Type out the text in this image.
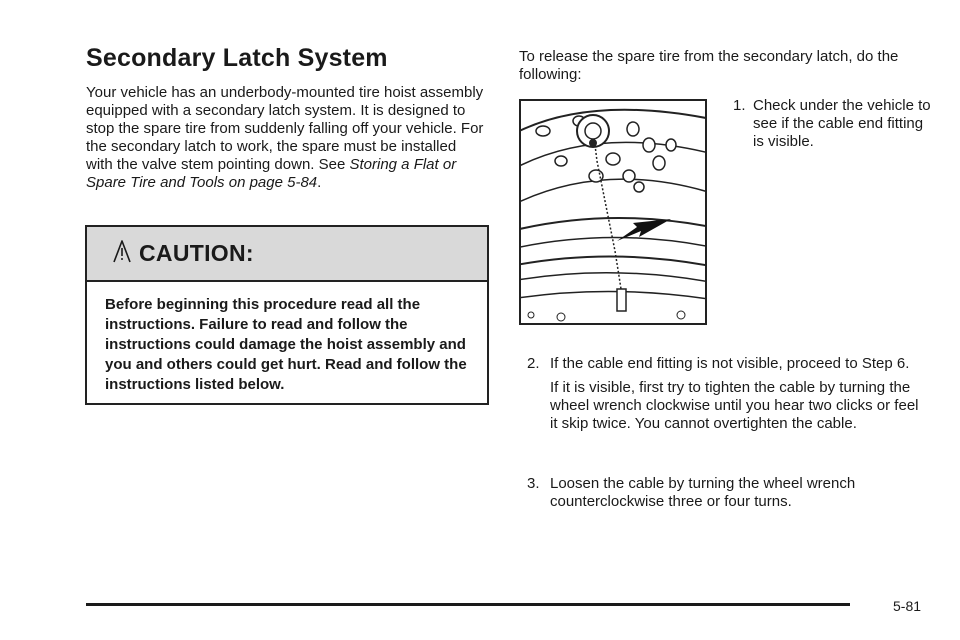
Secondary Latch System

Your vehicle has an underbody-mounted tire hoist assembly equipped with a secondary latch system. It is designed to stop the spare tire from suddenly falling off your vehicle. For the secondary latch to work, the spare must be installed with the valve stem pointing down. See Storing a Flat or Spare Tire and Tools on page 5-84.

CAUTION:

Before beginning this procedure read all the instructions. Failure to read and follow the instructions could damage the hoist assembly and you and others could get hurt. Read and follow the instructions listed below.

To release the spare tire from the secondary latch, do the following:

1. Check under the vehicle to see if the cable end fitting is visible.
2. If the cable end fitting is not visible, proceed to Step 6.
If it is visible, first try to tighten the cable by turning the wheel wrench clockwise until you hear two clicks or feel it skip twice. You cannot overtighten the cable.
3. Loosen the cable by turning the wheel wrench counterclockwise three or four turns.
5-81
